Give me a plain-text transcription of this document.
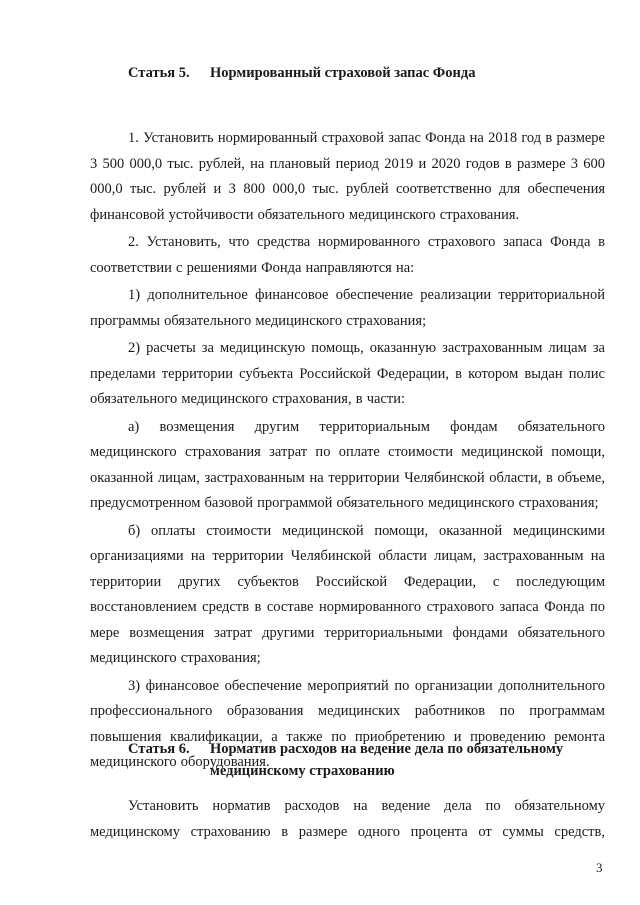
Статья 5. Нормированный страховой запас Фонда

1. Установить нормированный страховой запас Фонда на 2018 год в размере 3 500 000,0 тыс. рублей, на плановый период 2019 и 2020 годов в размере 3 600 000,0 тыс. рублей и 3 800 000,0 тыс. рублей соответственно для обеспечения финансовой устойчивости обязательного медицинского страхования.

2. Установить, что средства нормированного страхового запаса Фонда в соответствии с решениями Фонда направляются на:

1) дополнительное финансовое обеспечение реализации территориальной программы обязательного медицинского страхования;

2) расчеты за медицинскую помощь, оказанную застрахованным лицам за пределами территории субъекта Российской Федерации, в котором выдан полис обязательного медицинского страхования, в части:

а) возмещения другим территориальным фондам обязательного медицинского страхования затрат по оплате стоимости медицинской помощи, оказанной лицам, застрахованным на территории Челябинской области, в объеме, предусмотренном базовой программой обязательного медицинского страхования;

б) оплаты стоимости медицинской помощи, оказанной медицинскими организациями на территории Челябинской области лицам, застрахованным на территории других субъектов Российской Федерации, с последующим восстановлением средств в составе нормированного страхового запаса Фонда по мере возмещения затрат другими территориальными фондами обязательного медицинского страхования;

3) финансовое обеспечение мероприятий по организации дополнительного профессионального образования медицинских работников по программам повышения квалификации, а также по приобретению и проведению ремонта медицинского оборудования.

Статья 6. Норматив расходов на ведение дела по обязательному медицинскому страхованию

Установить норматив расходов на ведение дела по обязательному медицинскому страхованию в размере одного процента от суммы средств,

3
